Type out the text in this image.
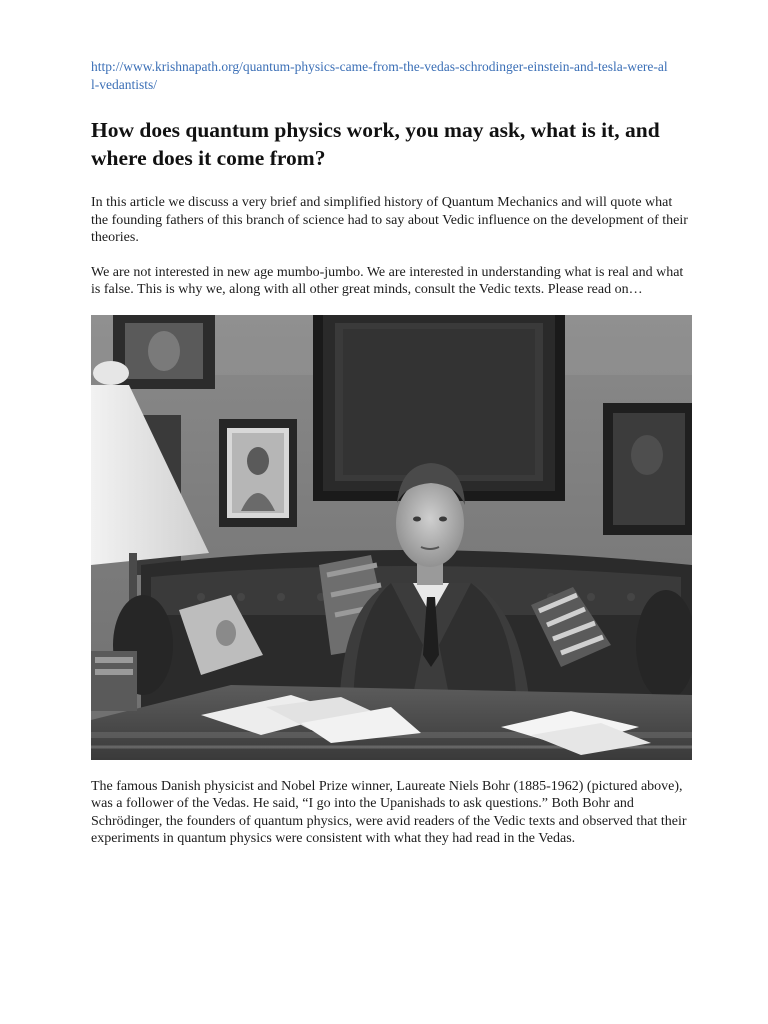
http://www.krishnapath.org/quantum-physics-came-from-the-vedas-schrodinger-einstein-and-tesla-were-all-vedantists/
How does quantum physics work, you may ask, what is it, and where does it come from?

In this article we discuss a very brief and simplified history of Quantum Mechanics and will quote what the founding fathers of this branch of science had to say about Vedic influence on the development of their theories.

We are not interested in new age mumbo-jumbo. We are interested in understanding what is real and what is false. This is why we, along with all other great minds, consult the Vedic texts. Please read on…

The famous Danish physicist and Nobel Prize winner, Laureate Niels Bohr (1885-1962) (pictured above), was a follower of the Vedas. He said, “I go into the Upanishads to ask questions.” Both Bohr and Schrödinger, the founders of quantum physics, were avid readers of the Vedic texts and observed that their experiments in quantum physics were consistent with what they had read in the Vedas.
